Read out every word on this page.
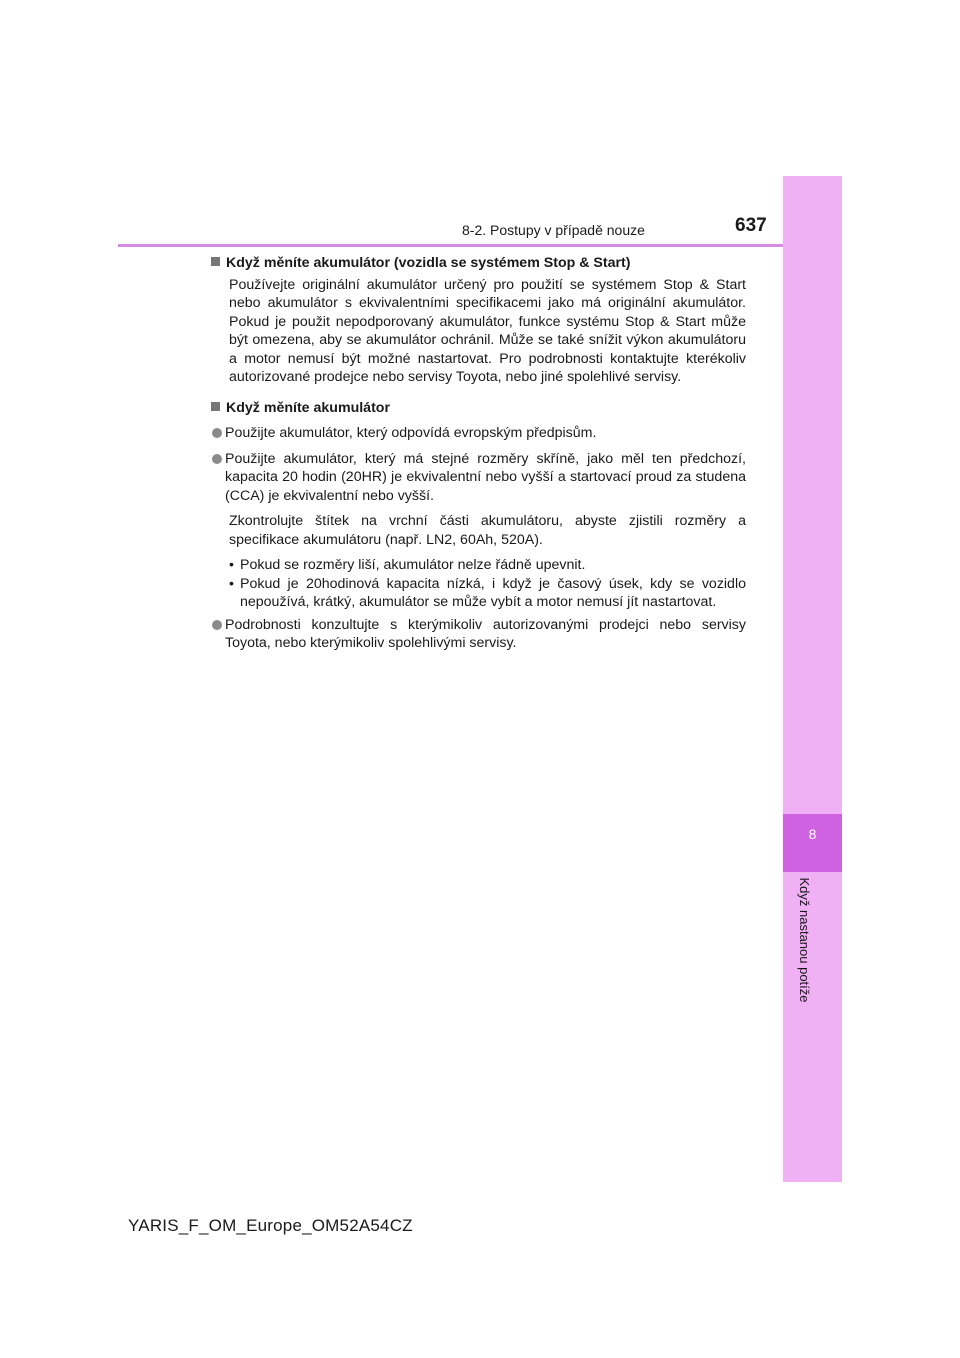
8
Když nastanou potíže
8-2. Postupy v případě nouze	637

Když měníte akumulátor (vozidla se systémem Stop & Start)

Používejte originální akumulátor určený pro použití se systémem Stop & Start nebo akumulátor s ekvivalentními specifikacemi jako má originální akumulátor. Pokud je použit nepodporovaný akumulátor, funkce systému Stop & Start může být omezena, aby se akumulátor ochránil. Může se také snížit výkon akumulátoru a motor nemusí být možné nastartovat. Pro podrobnosti kontaktujte kterékoliv autorizované prodejce nebo servisy Toyota, nebo jiné spolehlivé servisy.

Když měníte akumulátor

Použijte akumulátor, který odpovídá evropským předpisům.
Použijte akumulátor, který má stejné rozměry skříně, jako měl ten předchozí, kapacita 20 hodin (20HR) je ekvivalentní nebo vyšší a startovací proud za studena (CCA) je ekvivalentní nebo vyšší.

Zkontrolujte štítek na vrchní části akumulátoru, abyste zjistili rozměry a specifikace akumulátoru (např. LN2, 60Ah, 520A).

• Pokud se rozměry liší, akumulátor nelze řádně upevnit.
• Pokud je 20hodinová kapacita nízká, i když je časový úsek, kdy se vozidlo nepoužívá, krátký, akumulátor se může vybít a motor nemusí jít nastartovat.
Podrobnosti konzultujte s kterýmikoliv autorizovanými prodejci nebo servisy Toyota, nebo kterýmikoliv spolehlivými servisy.
YARIS_F_OM_Europe_OM52A54CZ
